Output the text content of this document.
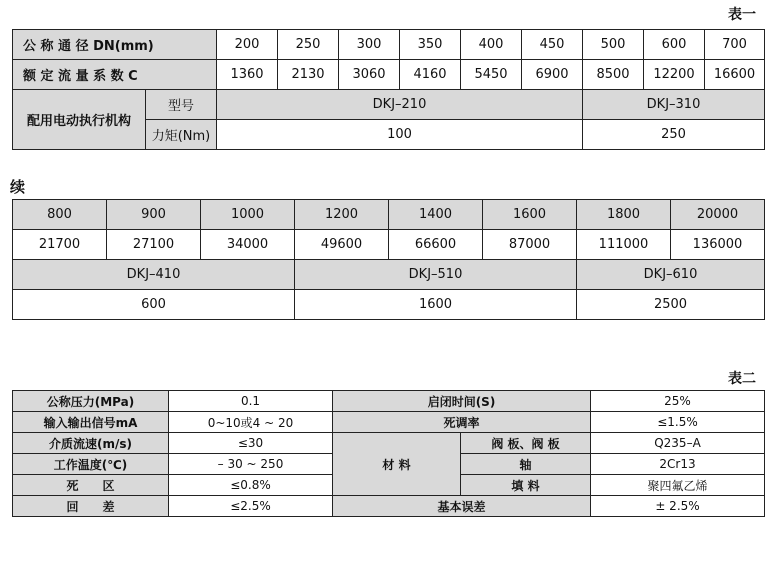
表一
公 称 通 径 DN(mm)		200	250	300	350	400	450	500	600	700
额 定 流 量 系 数 C		1360	2130	3060	4160	5450	6900	8500	12200	16600
配用电动执行机构	型号	DKJ–210						DKJ–310		
	力矩(Nm)	100						250		
续
800	900	1000	1200	1400	1600	1800	20000
21700	27100	34000	49600	66600	87000	111000	136000
DKJ–410			DKJ–510			DKJ–610	
600			1600			2500	
表二
公称压力(MPa)	0.1	启闭时间(S)		25%
输入输出信号mA	0~10或4 ~ 20	死调率		≤1.5%
介质流速(m/s)	≤30	材 料	阀 板、阀 板	Q235–A
工作温度(℃)	– 30 ~ 250		轴	2Cr13
死　　区	≤0.8%		填 料	聚四氟乙烯
回　　差	≤2.5%	基本误差		± 2.5%
